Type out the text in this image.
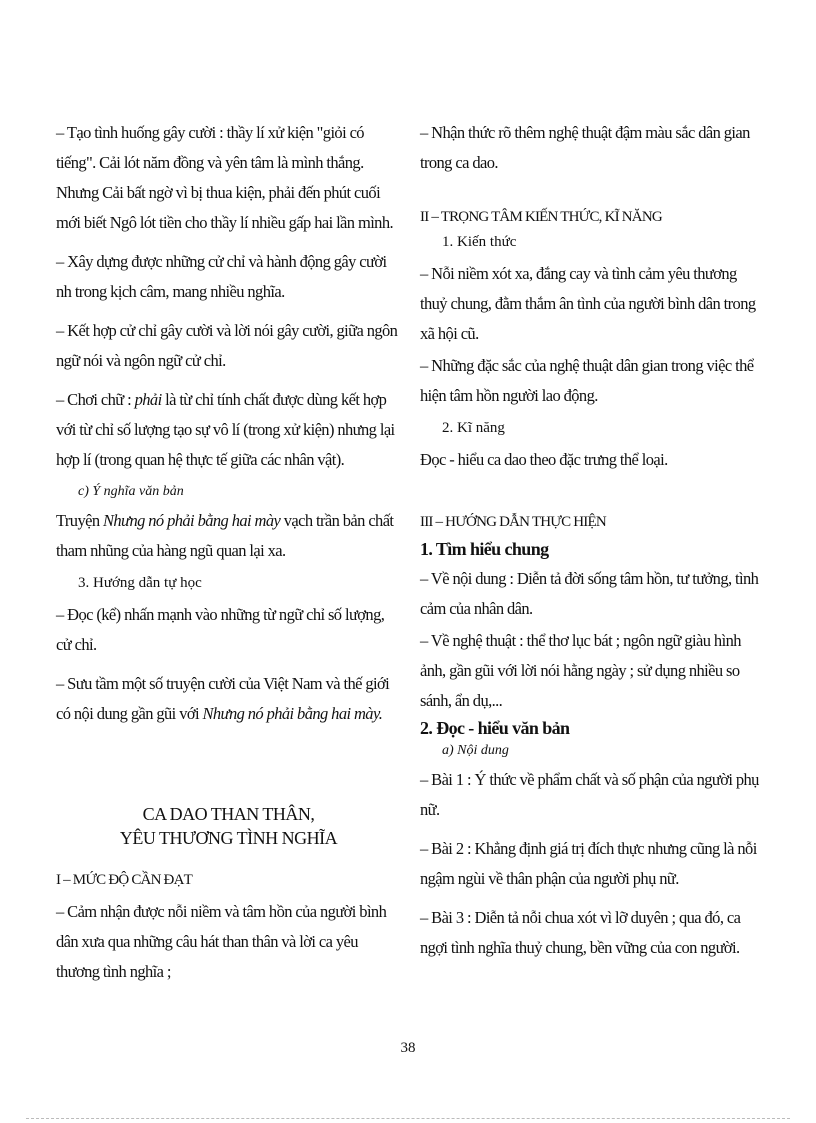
– Tạo tình huống gây cười : thầy lí xử kiện "giỏi có tiếng". Cải lót năm đồng và yên tâm là mình thắng. Nhưng Cải bất ngờ vì bị thua kiện, phải đến phút cuối mới biết Ngô lót tiền cho thầy lí nhiều gấp hai lần mình.

– Xây dựng được những cử chỉ và hành động gây cười nh trong kịch câm, mang nhiều nghĩa.

– Kết hợp cử chỉ gây cười và lời nói gây cười, giữa ngôn ngữ nói và ngôn ngữ cử chỉ.

– Chơi chữ : phải là từ chỉ tính chất được dùng kết hợp với từ chỉ số lượng tạo sự vô lí (trong xử kiện) nhưng lại hợp lí (trong quan hệ thực tế giữa các nhân vật).

c) Ý nghĩa văn bản

Truyện Nhưng nó phải bằng hai mày vạch trần bản chất tham nhũng của hàng ngũ quan lại xa.

3. Hướng dẫn tự học

– Đọc (kể) nhấn mạnh vào những từ ngữ chỉ số lượng, cử chỉ.

– Sưu tầm một số truyện cười của Việt Nam và thế giới có nội dung gần gũi với Nhưng nó phải bằng hai mày.

CA DAO THAN THÂN,

YÊU THƯƠNG TÌNH NGHĨA

I – MỨC ĐỘ CẦN ĐẠT

– Cảm nhận được nỗi niềm và tâm hồn của người bình dân xưa qua những câu hát than thân và lời ca yêu thương tình nghĩa ;

– Nhận thức rõ thêm nghệ thuật đậm màu sắc dân gian trong ca dao.

II – TRỌNG TÂM KIẾN THỨC, KĨ NĂNG
1. Kiến thức

– Nỗi niềm xót xa, đắng cay và tình cảm yêu thương thuỷ chung, đằm thắm ân tình của người bình dân trong xã hội cũ.

– Những đặc sắc của nghệ thuật dân gian trong việc thể hiện tâm hồn người lao động.

2. Kĩ năng

Đọc - hiểu ca dao theo đặc trưng thể loại.

III – HƯỚNG DẪN THỰC HIỆN
1. Tìm hiểu chung

– Về nội dung : Diễn tả đời sống tâm hồn, tư tưởng, tình cảm của nhân dân.

– Về nghệ thuật : thể thơ lục bát ; ngôn ngữ giàu hình ảnh, gần gũi với lời nói hằng ngày ; sử dụng nhiều so sánh, ẩn dụ,...

2. Đọc - hiểu văn bản
a) Nội dung

– Bài 1 : Ý thức về phẩm chất và số phận của người phụ nữ.

– Bài 2 : Khẳng định giá trị đích thực nhưng cũng là nỗi ngậm ngùi về thân phận của người phụ nữ.

– Bài 3 : Diễn tả nỗi chua xót vì lỡ duyên ; qua đó, ca ngợi tình nghĩa thuỷ chung, bền vững của con người.

38
